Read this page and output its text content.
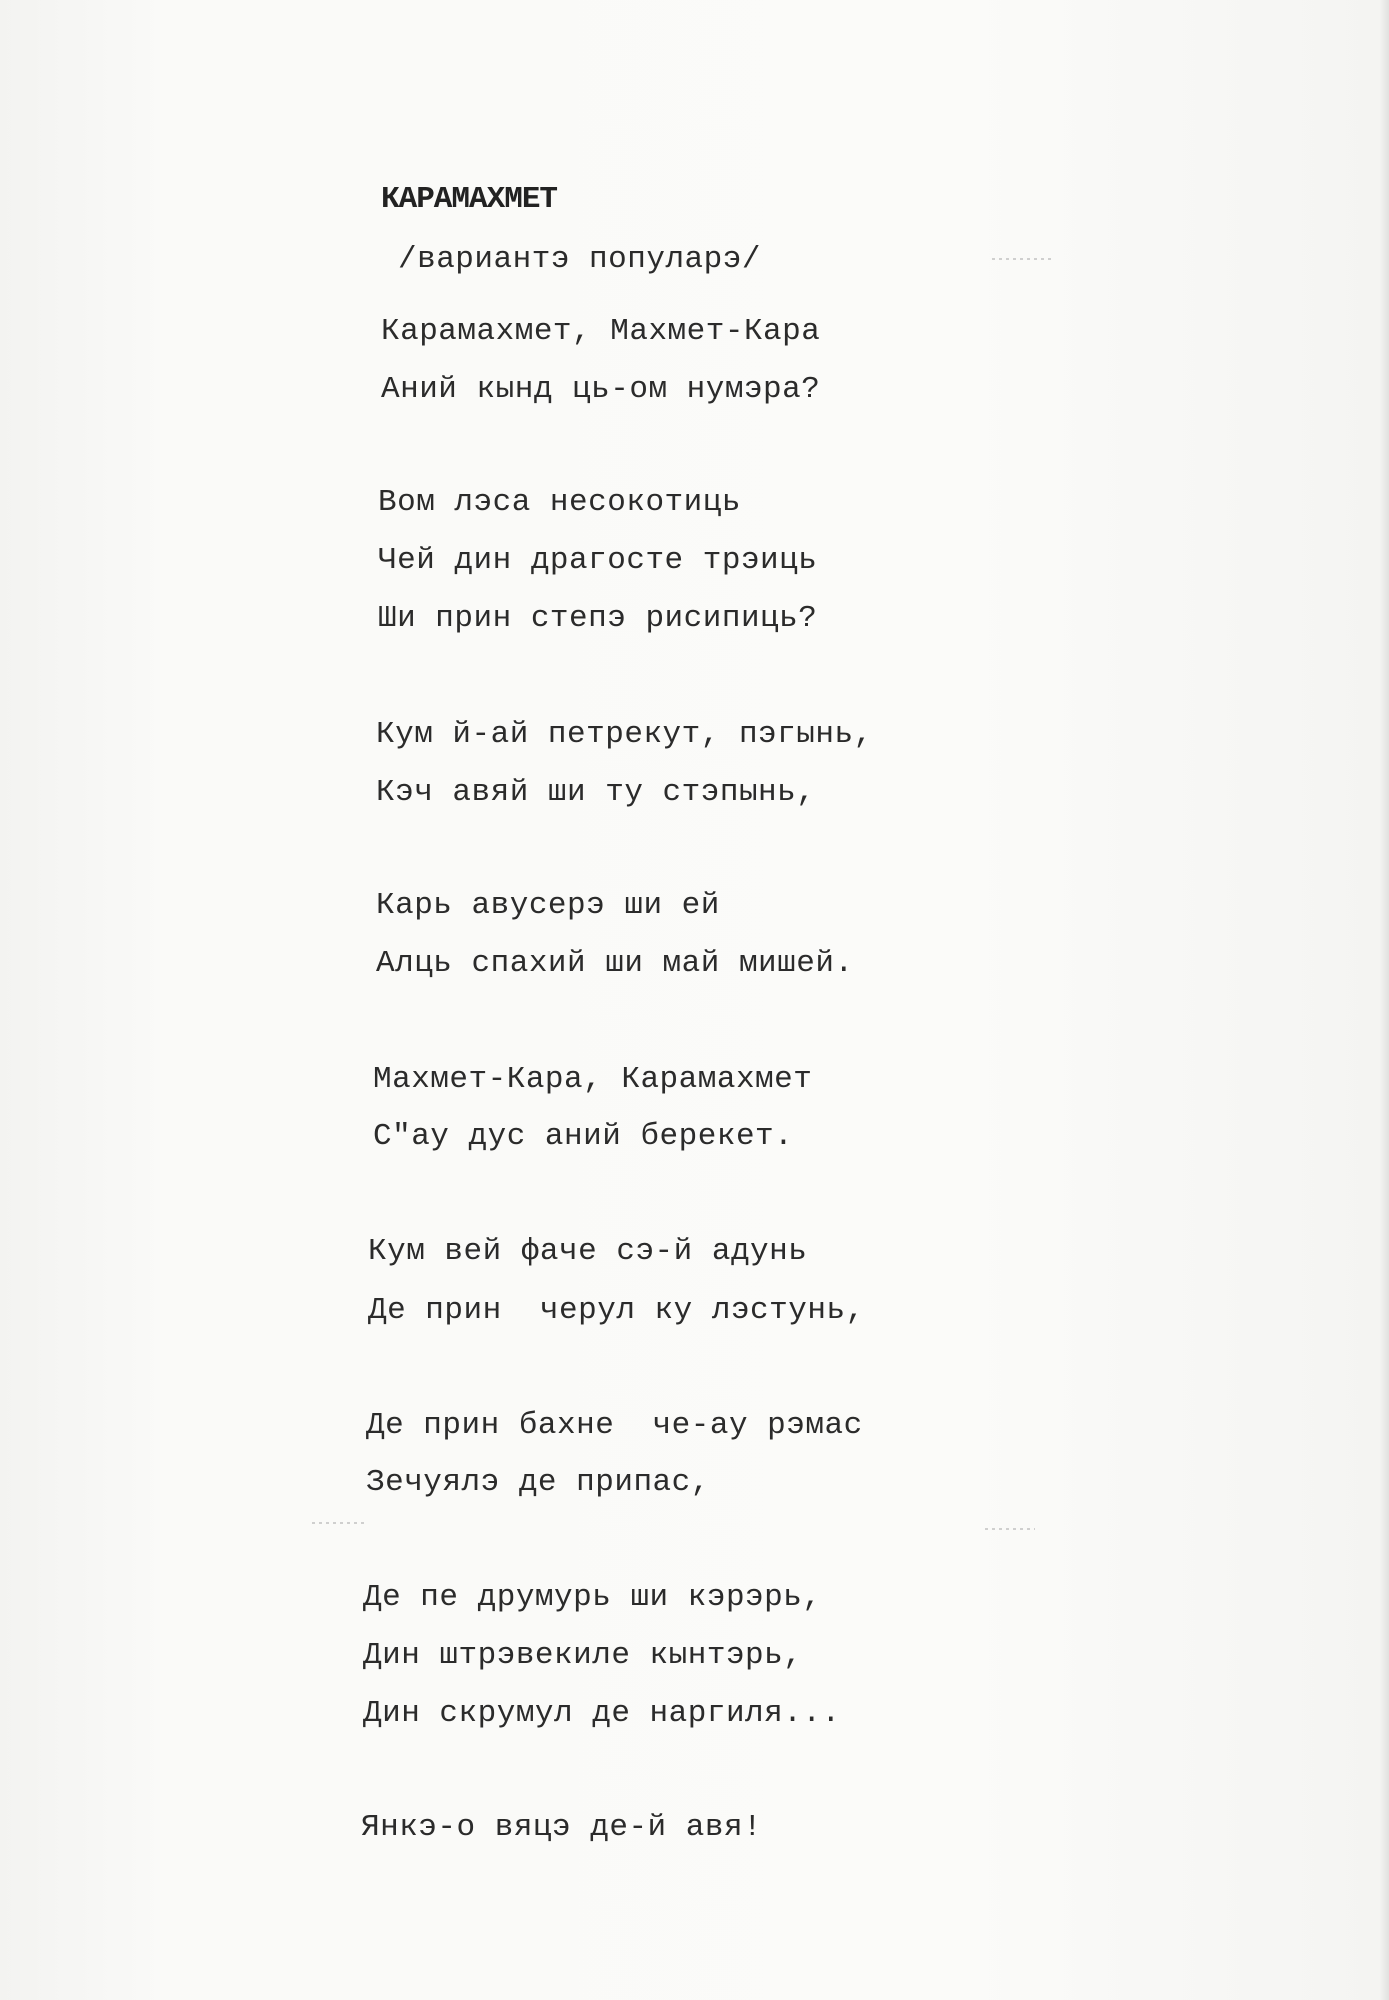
КАРАМАХМЕТ
/вариантэ популарэ/
Карамахмет, Махмет-Кара
Аний кынд ць-ом нумэра?
Вом лэса несокотиць
Чей дин драгосте трэиць
Ши прин степэ рисипиць?
Кум й-ай петрекут, пэгынь,
Кэч авяй ши ту стэпынь,
Карь авусерэ ши ей
Алць спахий ши май мишей.
Махмет-Кара, Карамахмет
С"ау дус аний берекет.
Кум вей фаче сэ-й адунь
Де прин  черул ку лэстунь,
Де прин бахне  че-ау рэмас
Зечуялэ де припас,
Де пе друмурь ши кэрэрь,
Дин штрэвекиле кынтэрь,
Дин скрумул де наргиля...
Янкэ-о вяцэ де-й авя!
